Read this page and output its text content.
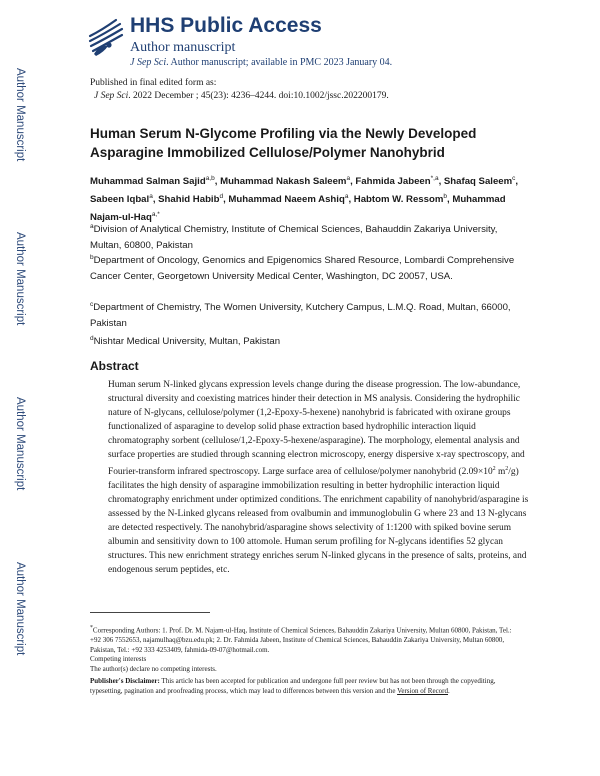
Author Manuscript
Author Manuscript
Author Manuscript
Author Manuscript
HHS Public Access
Author manuscript
J Sep Sci. Author manuscript; available in PMC 2023 January 04.
Published in final edited form as:
J Sep Sci. 2022 December ; 45(23): 4236–4244. doi:10.1002/jssc.202200179.
Human Serum N-Glycome Profiling via the Newly Developed Asparagine Immobilized Cellulose/Polymer Nanohybrid
Muhammad Salman Sajid$^{a,b}$, Muhammad Nakash Saleem$^a$, Fahmida Jabeen$^{*,a}$, Shafaq Saleem$^c$, Sabeen Iqbal$^a$, Shahid Habib$^d$, Muhammad Naeem Ashiq$^a$, Habtom W. Ressom$^b$, Muhammad Najam-ul-Haq$^{a,*}$
$^a$Division of Analytical Chemistry, Institute of Chemical Sciences, Bahauddin Zakariya University, Multan, 60800, Pakistan
$^b$Department of Oncology, Genomics and Epigenomics Shared Resource, Lombardi Comprehensive Cancer Center, Georgetown University Medical Center, Washington, DC 20057, USA.
$^c$Department of Chemistry, The Women University, Kutchery Campus, L.M.Q. Road, Multan, 66000, Pakistan
$^d$Nishtar Medical University, Multan, Pakistan
Abstract
Human serum N-linked glycans expression levels change during the disease progression. The low-abundance, structural diversity and coexisting matrices hinder their detection in MS analysis. Considering the hydrophilic nature of N-glycans, cellulose/polymer (1,2-Epoxy-5-hexene) nanohybrid is fabricated with oxirane groups functionalized of asparagine to develop solid phase extraction based hydrophilic interaction liquid chromatography sorbent (cellulose/1,2-Epoxy-5-hexene/asparagine). The morphology, elemental analysis and surface properties are studied through scanning electron microscopy, energy dispersive x-ray spectroscopy, and Fourier-transform infrared spectroscopy. Large surface area of cellulose/polymer nanohybrid ($2.09\times 10^2$ $m^2/g$) facilitates the high density of asparagine immobilization resulting in better hydrophilic interaction liquid chromatography enrichment under optimized conditions. The enrichment capability of nanohybrid/asparagine is assessed by the N-Linked glycans released from ovalbumin and immunoglobulin G where 23 and 13 N-glycans are detected respectively. The nanohybrid/asparagine shows selectivity of 1:1200 with spiked bovine serum albumin and sensitivity down to 100 attomole. Human serum profiling for N-glycans identifies 52 glycan structures. This new enrichment strategy enriches serum N-linked glycans in the presence of salts, proteins, and endogenous serum peptides, etc.

*Corresponding Authors: 1. Prof. Dr. M. Najam-ul-Haq, Institute of Chemical Sciences, Bahauddin Zakariya University, Multan 60800, Pakistan, Tel.: +92 306 7552653, najamulhaq@bzu.edu.pk; 2. Dr. Fahmida Jabeen, Institute of Chemical Sciences, Bahauddin Zakariya University, Multan 60800, Pakistan, Tel.: +92 333 4253409, fahmida-09-07@hotmail.com.

Competing interests

The author(s) declare no competing interests.

Publisher's Disclaimer: This article has been accepted for publication and undergone full peer review but has not been through the copyediting, typesetting, pagination and proofreading process, which may lead to differences between this version and the Version of Record.
